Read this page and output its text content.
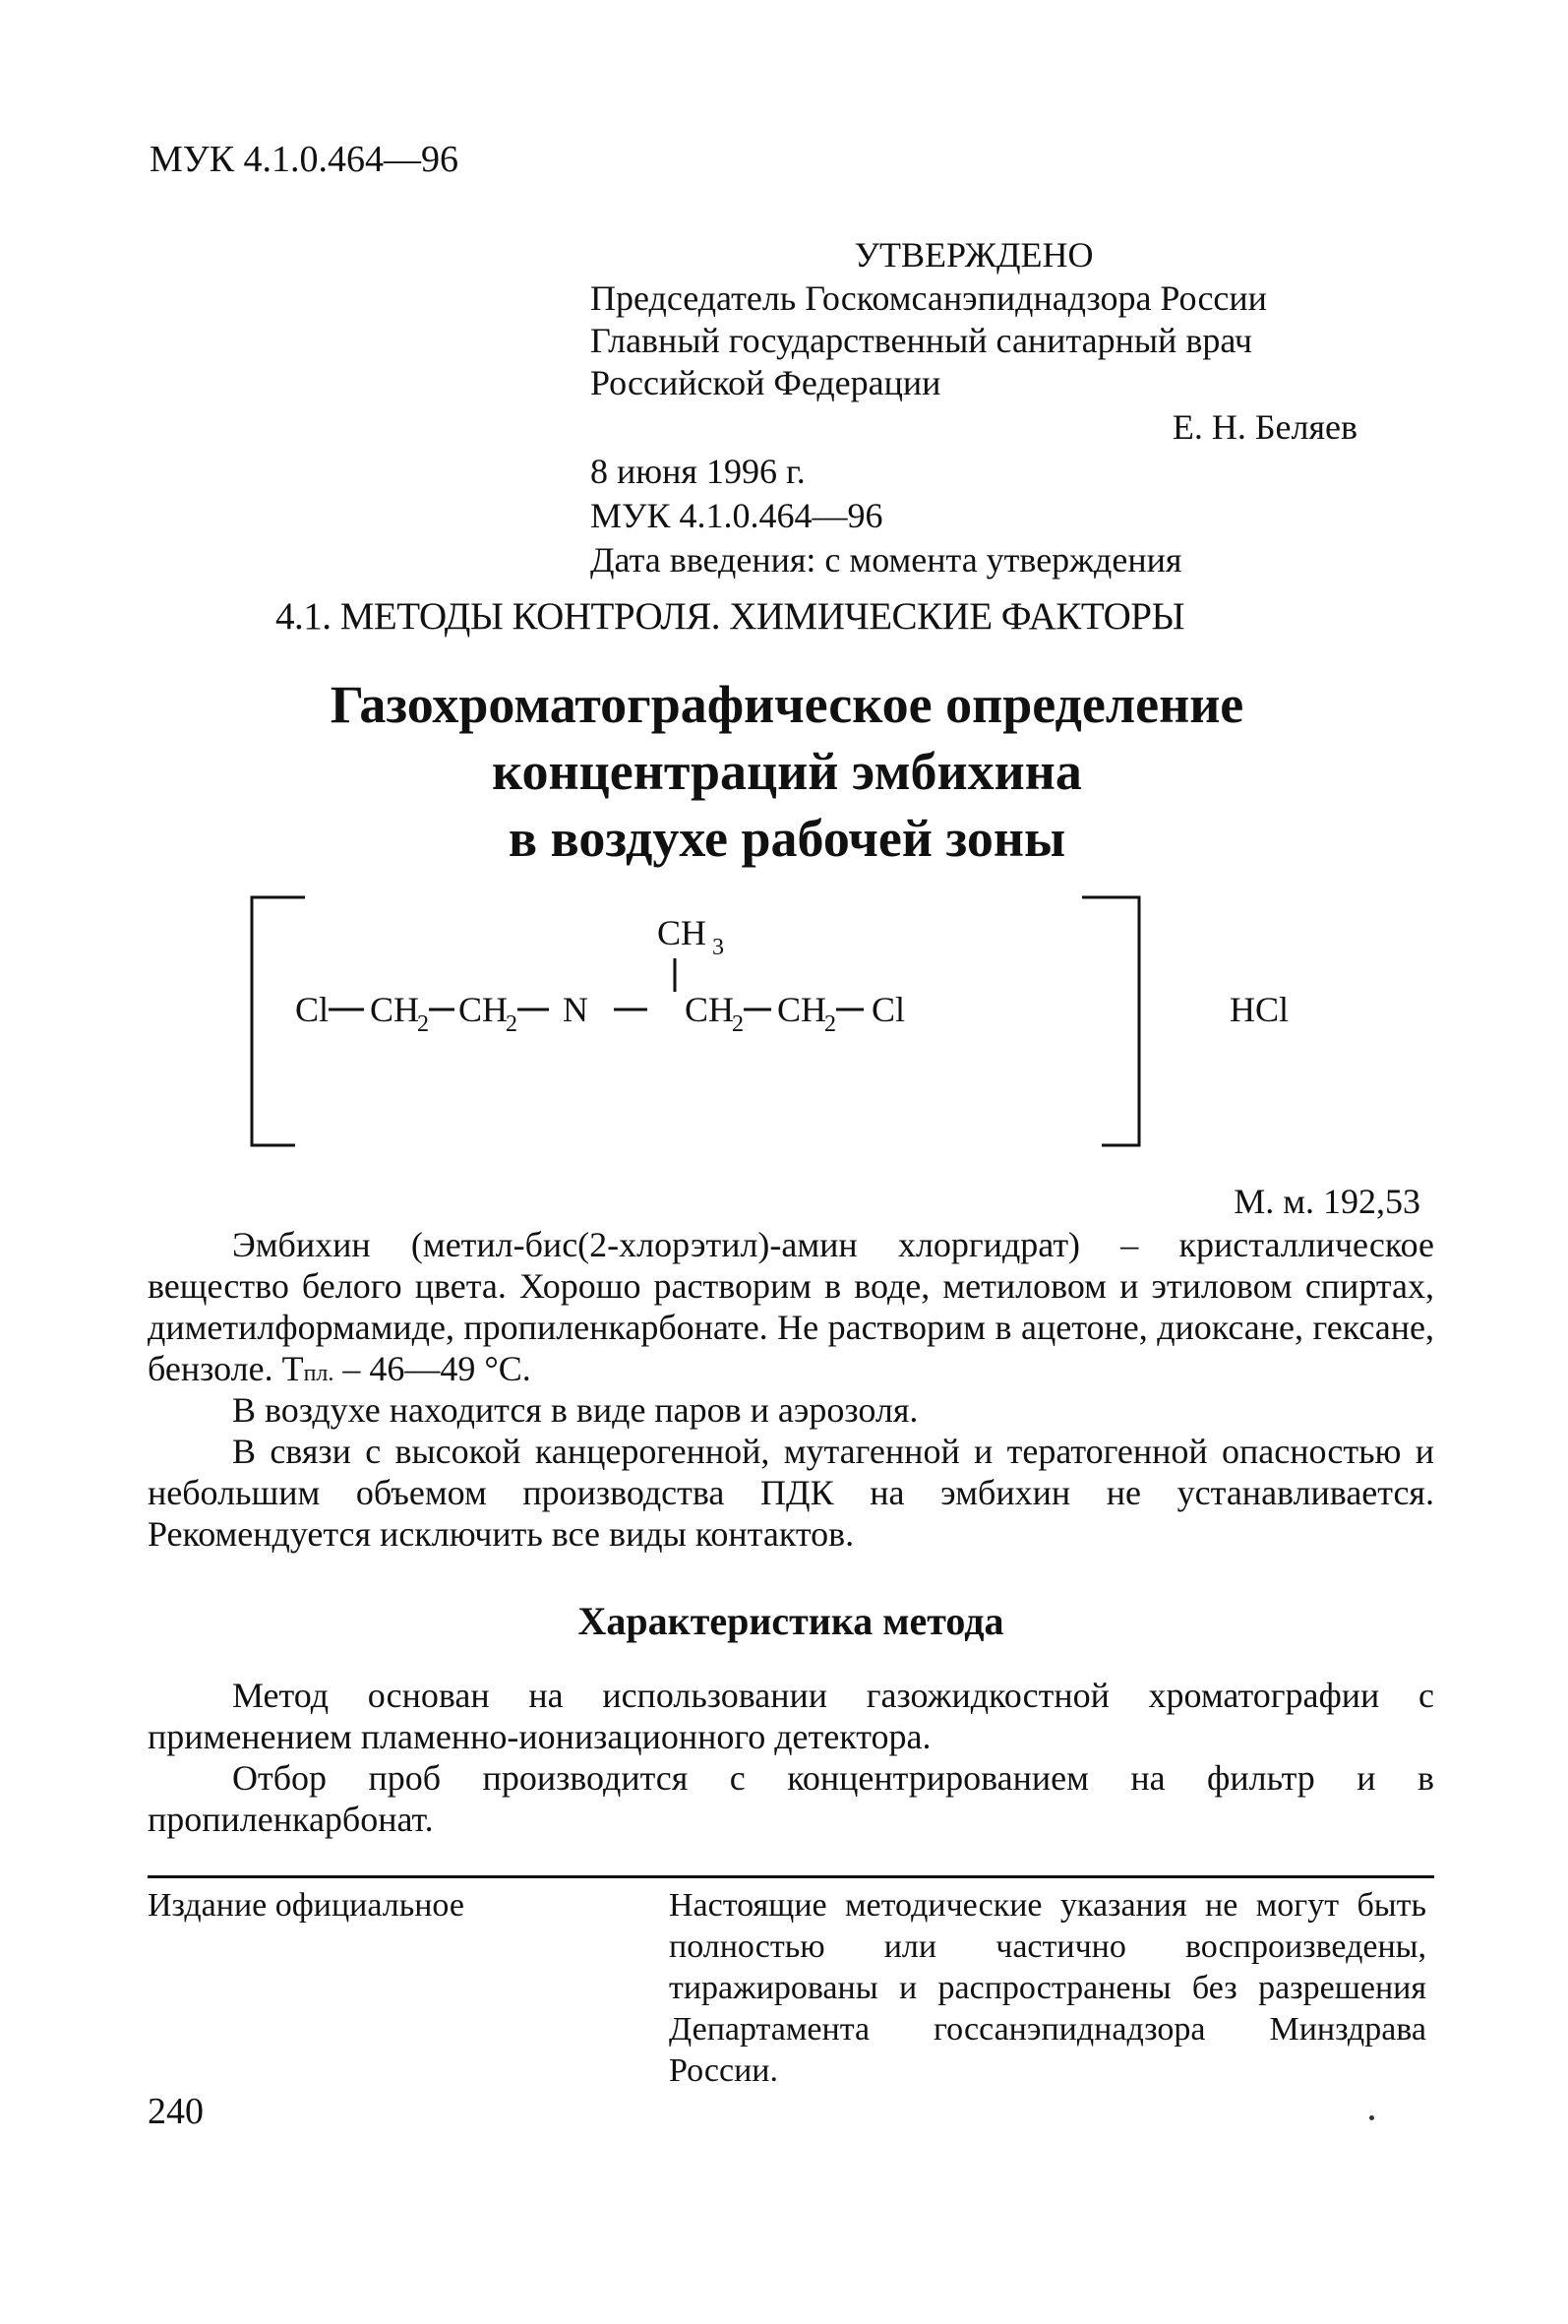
МУК 4.1.0.464—96
УТВЕРЖДЕНО
Председатель Госкомсанэпиднадзора России
Главный государственный санитарный врач
Российской Федерации
Е. Н. Беляев
8 июня 1996 г.
МУК 4.1.0.464—96
Дата введения: с момента утверждения
4.1. МЕТОДЫ КОНТРОЛЯ. ХИМИЧЕСКИЕ ФАКТОРЫ
Газохроматографическое определение
концентраций эмбихина
в воздухе рабочей зоны
CH 3
Cl CH
2 CH
2 N	CH
2 CH
2 Cl	HCl
М. м. 192,53

Эмбихин (метил-бис(2-хлорэтил)-амин хлоргидрат) – кристаллическое вещество белого цвета. Хорошо растворим в воде, метиловом и этиловом спиртах, диметилформамиде, пропиленкарбонате. Не растворим в ацетоне, диоксане, гексане, бензоле. Тпл. – 46—49 °С.

В воздухе находится в виде паров и аэрозоля.

В связи с высокой канцерогенной, мутагенной и тератогенной опасностью и небольшим объемом производства ПДК на эмбихин не устанавливается. Рекомендуется исключить все виды контактов.

Характеристика метода

Метод основан на использовании газожидкостной хроматографии с применением пламенно-ионизационного детектора.

Отбор проб производится с концентрированием на фильтр и в пропиленкарбонат.

Издание официальное	Настоящие методические указания не могут быть полностью или частично воспроизведены, тиражированы и распространены без разрешения Департамента госсанэпиднадзора Минздрава России.
240
